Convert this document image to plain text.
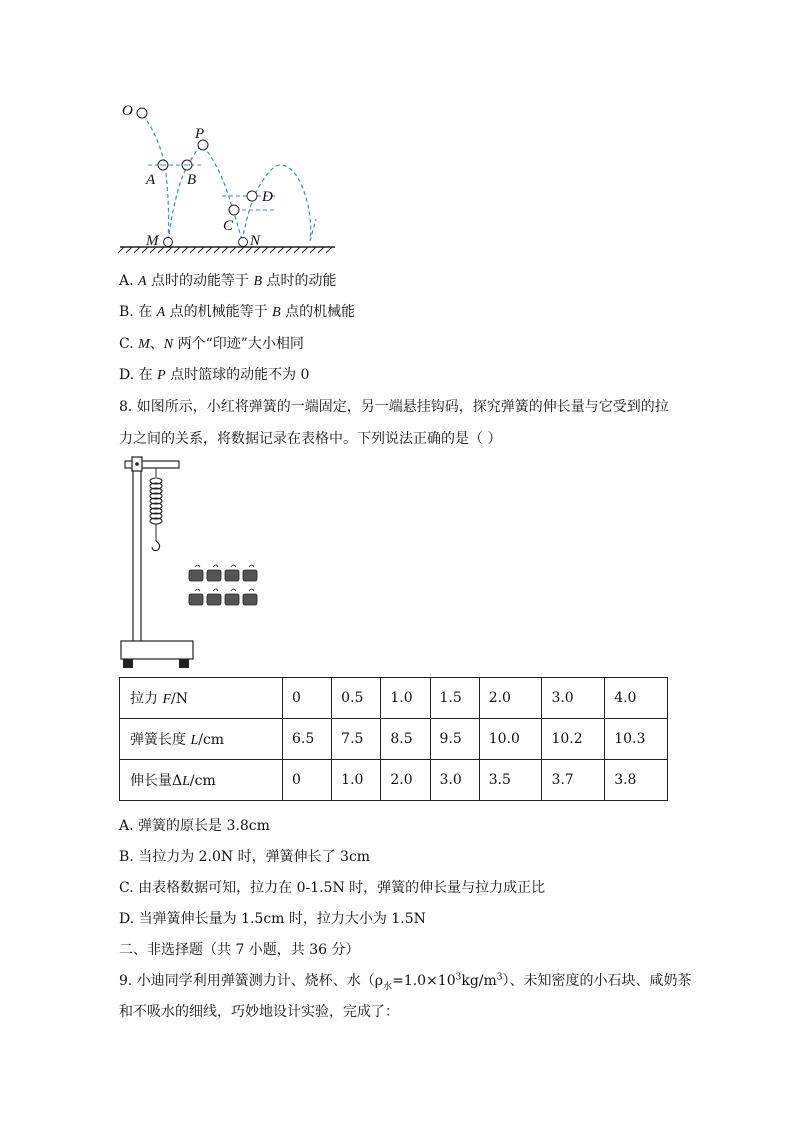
O
P
A B
D
C
M	N
A. A 点时的动能等于 B 点时的动能
B. 在 A 点的机械能等于 B 点的机械能
C. M、N 两个“印迹”大小相同
D. 在 P 点时篮球的动能不为 0
8. 如图所示，小红将弹簧的一端固定，另一端悬挂钩码，探究弹簧的伸长量与它受到的拉
力之间的关系，将数据记录在表格中。下列说法正确的是（ ）
拉力 F/N	0	0.5	1.0	1.5	2.0	3.0	4.0
弹簧长度 L/cm	6.5	7.5	8.5	9.5	10.0	10.2	10.3
伸长量ΔL/cm	0	1.0	2.0	3.0	3.5	3.7	3.8
A. 弹簧的原长是 3.8cm
B. 当拉力为 2.0N 时，弹簧伸长了 3cm
C. 由表格数据可知，拉力在 0-1.5N 时，弹簧的伸长量与拉力成正比
D. 当弹簧伸长量为 1.5cm 时，拉力大小为 1.5N
二、非选择题（共 7 小题，共 36 分）
9. 小迪同学利用弹簧测力计、烧杯、水$(\rho_水=1.0\times 10^3kg/m^3)$、未知密度的小石块、咸奶茶
和不吸水的细线，巧妙地设计实验，完成了：
